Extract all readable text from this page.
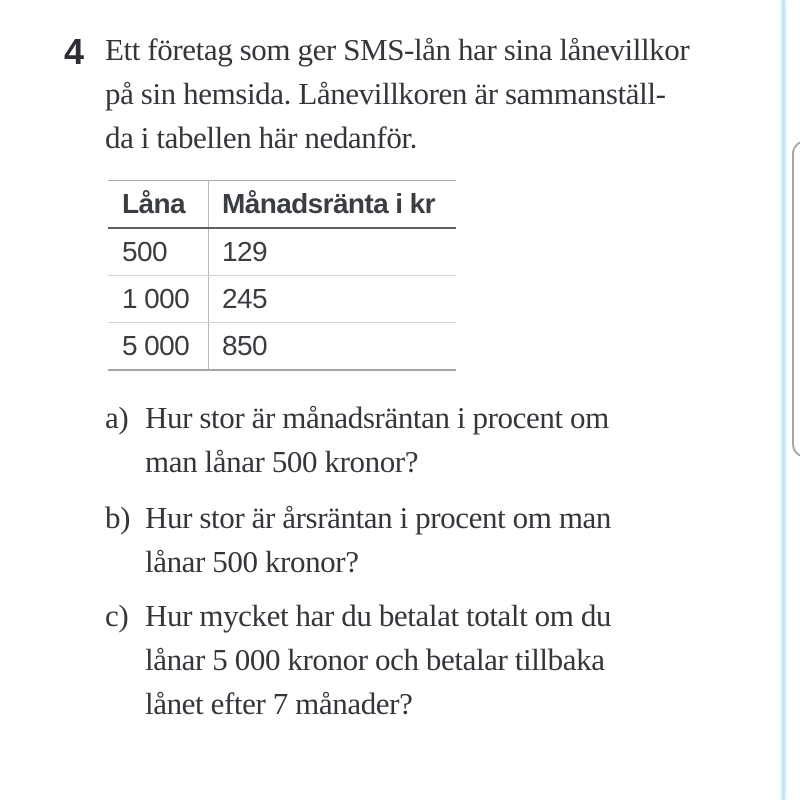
4 Ett företag som ger SMS-lån har sina lånevillkor
på sin hemsida. Lånevillkoren är sammanställ-
da i tabellen här nedanför.
Låna	Månadsränta i kr
500	129
1 000	245
5 000	850
a) Hur stor är månadsräntan i procent om
man lånar 500 kronor?
b) Hur stor är årsräntan i procent om man
lånar 500 kronor?
c) Hur mycket har du betalat totalt om du
lånar 5 000 kronor och betalar tillbaka
lånet efter 7 månader?
